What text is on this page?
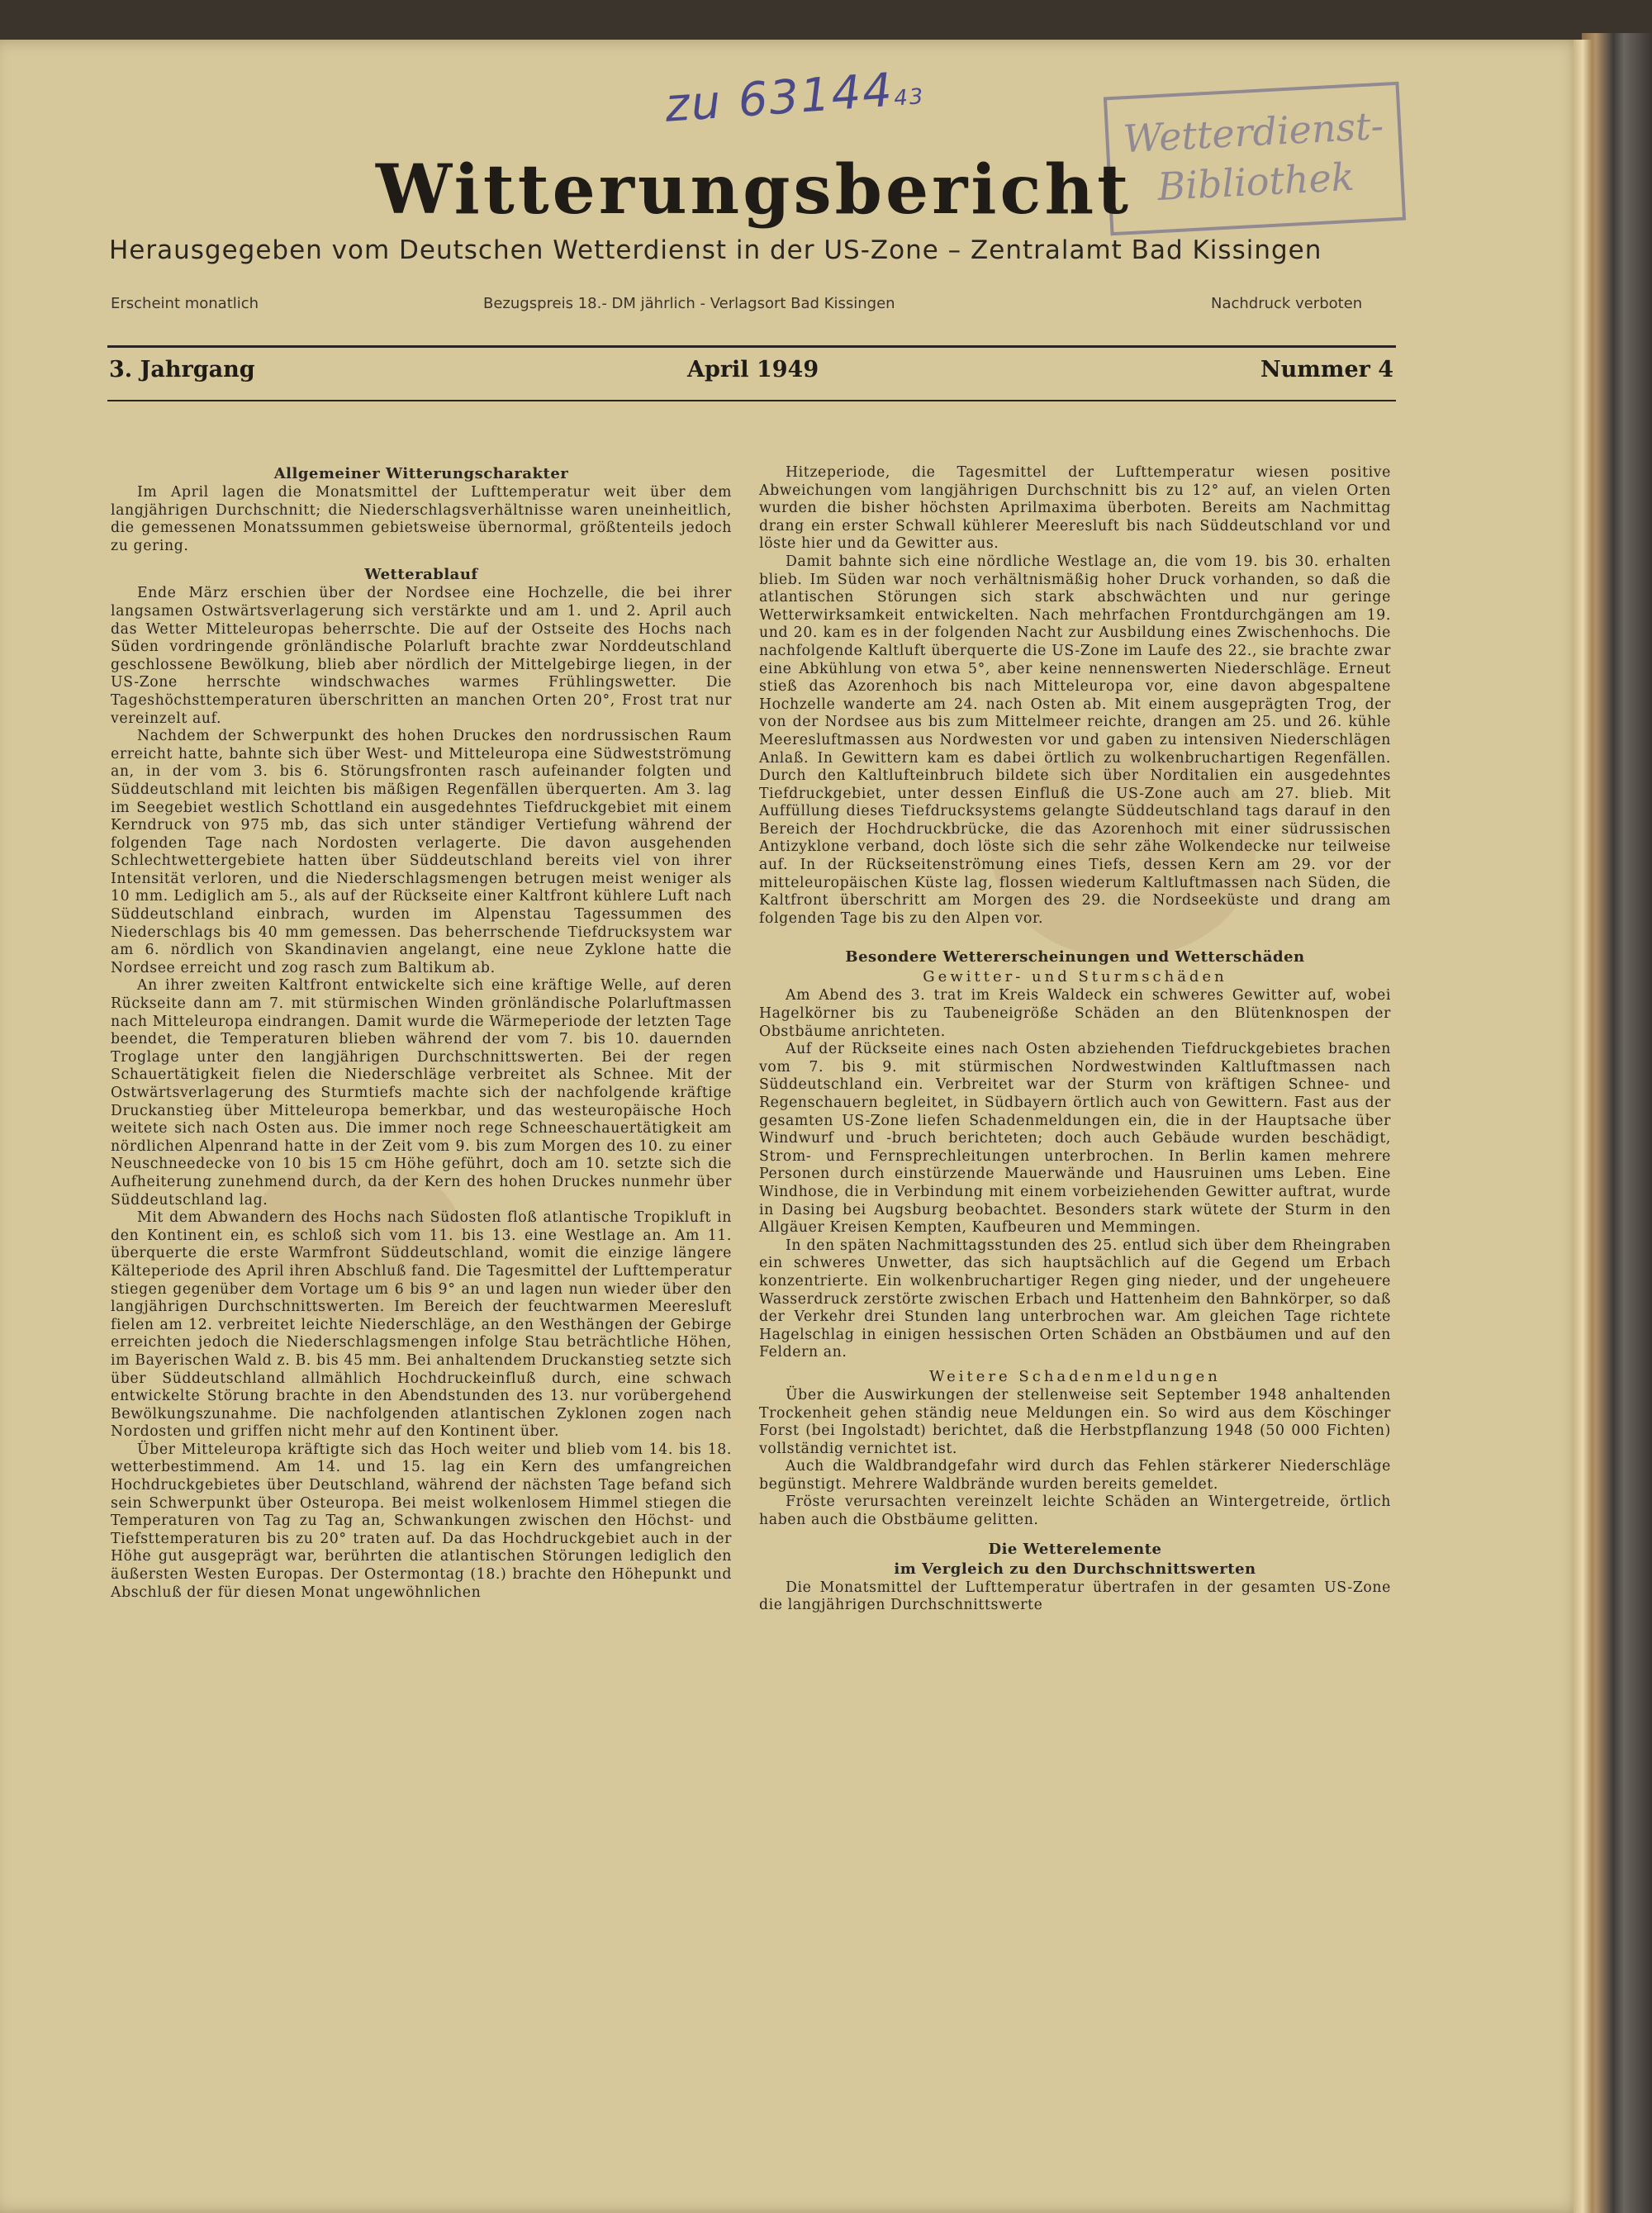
zu 6314443
Wetterdienst-
Bibliothek
Witterungsbericht
Herausgegeben vom Deutschen Wetterdienst in der US-Zone – Zentralamt Bad Kissingen
Erscheint monatlich	Bezugspreis 18.- DM jährlich - Verlagsort Bad Kissingen	Nachdruck verboten
3. Jahrgang	April 1949	Nummer 4
Allgemeiner Witterungscharakter

Im April lagen die Monatsmittel der Lufttemperatur weit über dem langjährigen Durchschnitt; die Niederschlagsverhältnisse waren uneinheitlich, die gemessenen Monatssummen gebietsweise übernormal, größtenteils jedoch zu gering.

Wetterablauf

Ende März erschien über der Nordsee eine Hochzelle, die bei ihrer langsamen Ostwärtsverlagerung sich verstärkte und am 1. und 2. April auch das Wetter Mitteleuropas beherrschte. Die auf der Ostseite des Hochs nach Süden vordringende grönländische Polarluft brachte zwar Norddeutschland geschlossene Bewölkung, blieb aber nördlich der Mittelgebirge liegen, in der US-Zone herrschte windschwaches warmes Frühlingswetter. Die Tageshöchsttemperaturen überschritten an manchen Orten 20°, Frost trat nur vereinzelt auf.

Nachdem der Schwerpunkt des hohen Druckes den nordrussischen Raum erreicht hatte, bahnte sich über West- und Mitteleuropa eine Südwestströmung an, in der vom 3. bis 6. Störungsfronten rasch aufeinander folgten und Süddeutschland mit leichten bis mäßigen Regenfällen überquerten. Am 3. lag im Seegebiet westlich Schottland ein ausgedehntes Tiefdruckgebiet mit einem Kerndruck von 975 mb, das sich unter ständiger Vertiefung während der folgenden Tage nach Nordosten verlagerte. Die davon ausgehenden Schlechtwettergebiete hatten über Süddeutschland bereits viel von ihrer Intensität verloren, und die Niederschlagsmengen betrugen meist weniger als 10 mm. Lediglich am 5., als auf der Rückseite einer Kaltfront kühlere Luft nach Süddeutschland einbrach, wurden im Alpenstau Tagessummen des Niederschlags bis 40 mm gemessen. Das beherrschende Tiefdrucksystem war am 6. nördlich von Skandinavien angelangt, eine neue Zyklone hatte die Nordsee erreicht und zog rasch zum Baltikum ab.

An ihrer zweiten Kaltfront entwickelte sich eine kräftige Welle, auf deren Rückseite dann am 7. mit stürmischen Winden grönländische Polarluftmassen nach Mitteleuropa eindrangen. Damit wurde die Wärmeperiode der letzten Tage beendet, die Temperaturen blieben während der vom 7. bis 10. dauernden Troglage unter den langjährigen Durchschnittswerten. Bei der regen Schauertätigkeit fielen die Niederschläge verbreitet als Schnee. Mit der Ostwärtsverlagerung des Sturmtiefs machte sich der nachfolgende kräftige Druckanstieg über Mitteleuropa bemerkbar, und das westeuropäische Hoch weitete sich nach Osten aus. Die immer noch rege Schneeschauertätigkeit am nördlichen Alpenrand hatte in der Zeit vom 9. bis zum Morgen des 10. zu einer Neuschneedecke von 10 bis 15 cm Höhe geführt, doch am 10. setzte sich die Aufheiterung zunehmend durch, da der Kern des hohen Druckes nunmehr über Süddeutschland lag.

Mit dem Abwandern des Hochs nach Südosten floß atlantische Tropikluft in den Kontinent ein, es schloß sich vom 11. bis 13. eine Westlage an. Am 11. überquerte die erste Warmfront Süddeutschland, womit die einzige längere Kälteperiode des April ihren Abschluß fand. Die Tagesmittel der Lufttemperatur stiegen gegenüber dem Vortage um 6 bis 9° an und lagen nun wieder über den langjährigen Durchschnittswerten. Im Bereich der feuchtwarmen Meeresluft fielen am 12. verbreitet leichte Niederschläge, an den Westhängen der Gebirge erreichten jedoch die Niederschlagsmengen infolge Stau beträchtliche Höhen, im Bayerischen Wald z. B. bis 45 mm. Bei anhaltendem Druckanstieg setzte sich über Süddeutschland allmählich Hochdruckeinfluß durch, eine schwach entwickelte Störung brachte in den Abendstunden des 13. nur vorübergehend Bewölkungszunahme. Die nachfolgenden atlantischen Zyklonen zogen nach Nordosten und griffen nicht mehr auf den Kontinent über.

Über Mitteleuropa kräftigte sich das Hoch weiter und blieb vom 14. bis 18. wetterbestimmend. Am 14. und 15. lag ein Kern des umfangreichen Hochdruckgebietes über Deutschland, während der nächsten Tage befand sich sein Schwerpunkt über Osteuropa. Bei meist wolkenlosem Himmel stiegen die Temperaturen von Tag zu Tag an, Schwankungen zwischen den Höchst- und Tiefsttemperaturen bis zu 20° traten auf. Da das Hochdruckgebiet auch in der Höhe gut ausgeprägt war, berührten die atlantischen Störungen lediglich den äußersten Westen Europas. Der Ostermontag (18.) brachte den Höhepunkt und Abschluß der für diesen Monat ungewöhnlichen

Hitzeperiode, die Tagesmittel der Lufttemperatur wiesen positive Abweichungen vom langjährigen Durchschnitt bis zu 12° auf, an vielen Orten wurden die bisher höchsten Aprilmaxima überboten. Bereits am Nachmittag drang ein erster Schwall kühlerer Meeresluft bis nach Süddeutschland vor und löste hier und da Gewitter aus.

Damit bahnte sich eine nördliche Westlage an, die vom 19. bis 30. erhalten blieb. Im Süden war noch verhältnismäßig hoher Druck vorhanden, so daß die atlantischen Störungen sich stark abschwächten und nur geringe Wetterwirksamkeit entwickelten. Nach mehrfachen Frontdurchgängen am 19. und 20. kam es in der folgenden Nacht zur Ausbildung eines Zwischenhochs. Die nachfolgende Kaltluft überquerte die US-Zone im Laufe des 22., sie brachte zwar eine Abkühlung von etwa 5°, aber keine nennenswerten Niederschläge. Erneut stieß das Azorenhoch bis nach Mitteleuropa vor, eine davon abgespaltene Hochzelle wanderte am 24. nach Osten ab. Mit einem ausgeprägten Trog, der von der Nordsee aus bis zum Mittelmeer reichte, drangen am 25. und 26. kühle Meeresluftmassen aus Nordwesten vor und gaben zu intensiven Niederschlägen Anlaß. In Gewittern kam es dabei örtlich zu wolkenbruchartigen Regenfällen. Durch den Kaltlufteinbruch bildete sich über Norditalien ein ausgedehntes Tiefdruckgebiet, unter dessen Einfluß die US-Zone auch am 27. blieb. Mit Auffüllung dieses Tiefdrucksystems gelangte Süddeutschland tags darauf in den Bereich der Hochdruckbrücke, die das Azorenhoch mit einer südrussischen Antizyklone verband, doch löste sich die sehr zähe Wolkendecke nur teilweise auf. In der Rückseitenströmung eines Tiefs, dessen Kern am 29. vor der mitteleuropäischen Küste lag, flossen wiederum Kaltluftmassen nach Süden, die Kaltfront überschritt am Morgen des 29. die Nordseeküste und drang am folgenden Tage bis zu den Alpen vor.

Besondere Wettererscheinungen und Wetterschäden
Gewitter- und Sturmschäden

Am Abend des 3. trat im Kreis Waldeck ein schweres Gewitter auf, wobei Hagelkörner bis zu Taubeneigröße Schäden an den Blütenknospen der Obstbäume anrichteten.

Auf der Rückseite eines nach Osten abziehenden Tiefdruckgebietes brachen vom 7. bis 9. mit stürmischen Nordwestwinden Kaltluftmassen nach Süddeutschland ein. Verbreitet war der Sturm von kräftigen Schnee- und Regenschauern begleitet, in Südbayern örtlich auch von Gewittern. Fast aus der gesamten US-Zone liefen Schadenmeldungen ein, die in der Hauptsache über Windwurf und -bruch berichteten; doch auch Gebäude wurden beschädigt, Strom- und Fernsprechleitungen unterbrochen. In Berlin kamen mehrere Personen durch einstürzende Mauerwände und Hausruinen ums Leben. Eine Windhose, die in Verbindung mit einem vorbeiziehenden Gewitter auftrat, wurde in Dasing bei Augsburg beobachtet. Besonders stark wütete der Sturm in den Allgäuer Kreisen Kempten, Kaufbeuren und Memmingen.

In den späten Nachmittagsstunden des 25. entlud sich über dem Rheingraben ein schweres Unwetter, das sich hauptsächlich auf die Gegend um Erbach konzentrierte. Ein wolkenbruchartiger Regen ging nieder, und der ungeheuere Wasserdruck zerstörte zwischen Erbach und Hattenheim den Bahnkörper, so daß der Verkehr drei Stunden lang unterbrochen war. Am gleichen Tage richtete Hagelschlag in einigen hessischen Orten Schäden an Obstbäumen und auf den Feldern an.

Weitere Schadenmeldungen

Über die Auswirkungen der stellenweise seit September 1948 anhaltenden Trockenheit gehen ständig neue Meldungen ein. So wird aus dem Köschinger Forst (bei Ingolstadt) berichtet, daß die Herbstpflanzung 1948 (50 000 Fichten) vollständig vernichtet ist.

Auch die Waldbrandgefahr wird durch das Fehlen stärkerer Niederschläge begünstigt. Mehrere Waldbrände wurden bereits gemeldet.

Fröste verursachten vereinzelt leichte Schäden an Wintergetreide, örtlich haben auch die Obstbäume gelitten.

Die Wetterelemente
im Vergleich zu den Durchschnittswerten

Die Monatsmittel der Lufttemperatur übertrafen in der gesamten US-Zone die langjährigen Durchschnittswerte
